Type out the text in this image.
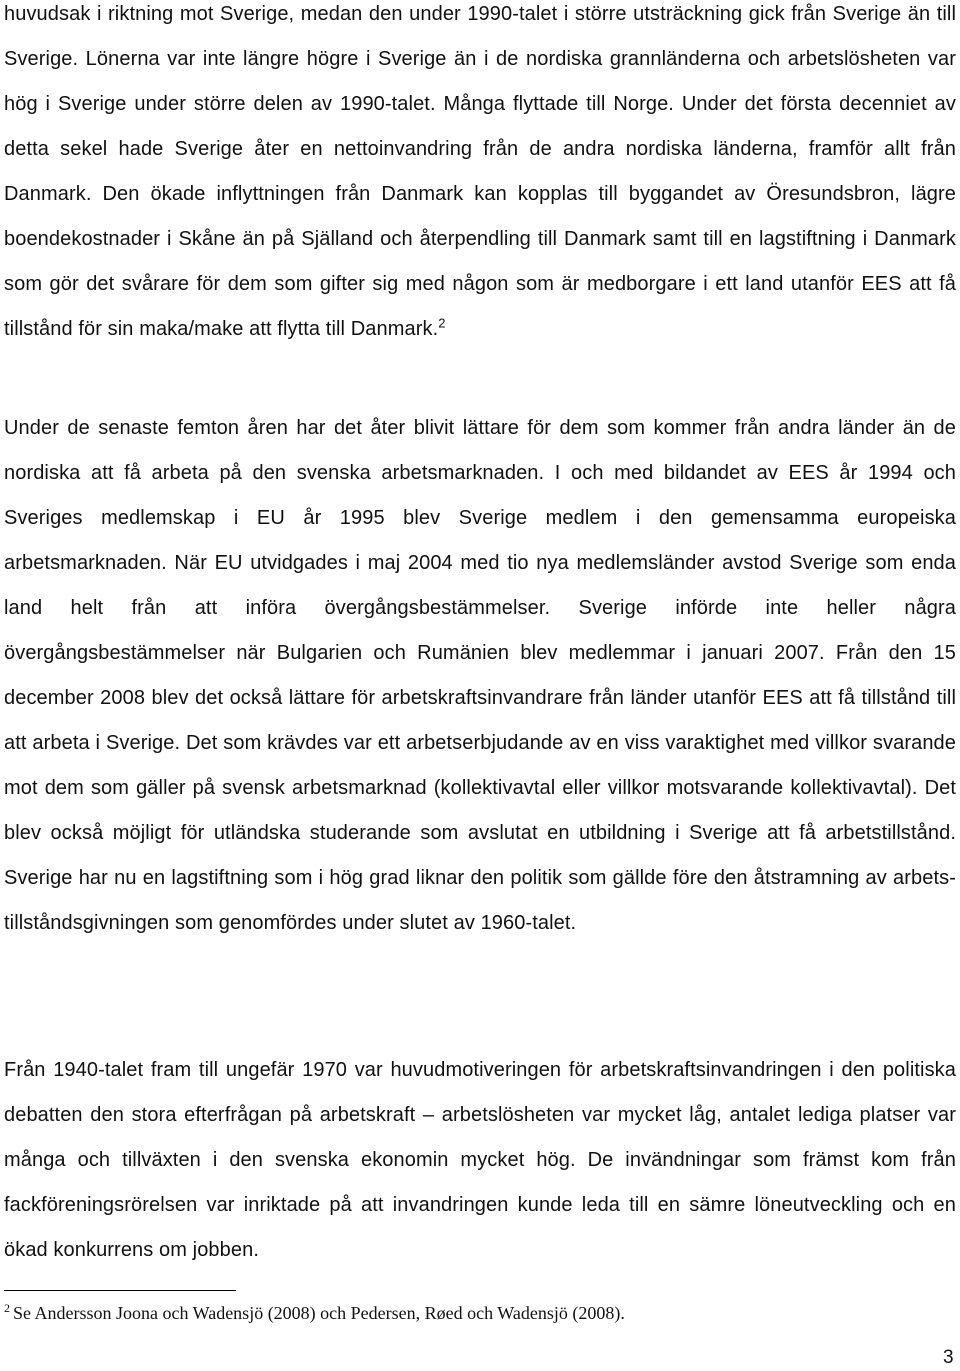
huvudsak i riktning mot Sverige, medan den under 1990-talet i större utsträckning gick från Sverige än till Sverige. Lönerna var inte längre högre i Sverige än i de nordiska grannländerna och arbetslösheten var hög i Sverige under större delen av 1990-talet. Många flyttade till Norge. Under det första decenniet av detta sekel hade Sverige åter en nettoinvandring från de andra nordiska länderna, framför allt från Danmark. Den ökade inflyttningen från Danmark kan kopplas till byggandet av Öresundsbron, lägre boendekostnader i Skåne än på Själland och återpendling till Danmark samt till en lagstiftning i Danmark som gör det svårare för dem som gifter sig med någon som är medborgare i ett land utanför EES att få tillstånd för sin maka/make att flytta till Danmark.$^2$

Under de senaste femton åren har det åter blivit lättare för dem som kommer från andra länder än de nordiska att få arbeta på den svenska arbetsmarknaden. I och med bildandet av EES år 1994 och Sveriges medlemskap i EU år 1995 blev Sverige medlem i den gemensamma europeiska arbetsmarknaden. När EU utvidgades i maj 2004 med tio nya medlemsländer avstod Sverige som enda land helt från att införa övergångsbestämmelser. Sverige införde inte heller några övergångsbestämmelser när Bulgarien och Rumänien blev medlemmar i januari 2007. Från den 15 december 2008 blev det också lättare för arbetskraftsinvandrare från länder utanför EES att få tillstånd till att arbeta i Sverige. Det som krävdes var ett arbetserbjudande av en viss varaktighet med villkor svarande mot dem som gäller på svensk arbetsmarknad (kollektivavtal eller villkor motsvarande kollektivavtal). Det blev också möjligt för utländska studerande som avslutat en utbildning i Sverige att få arbetstillstånd. Sverige har nu en lagstiftning som i hög grad liknar den politik som gällde före den åtstramning av arbets-tillståndsgivningen som genomfördes under slutet av 1960-talet.

Från 1940-talet fram till ungefär 1970 var huvudmotiveringen för arbetskraftsinvandringen i den politiska debatten den stora efterfrågan på arbetskraft – arbetslösheten var mycket låg, antalet lediga platser var många och tillväxten i den svenska ekonomin mycket hög. De invändningar som främst kom från fackföreningsrörelsen var inriktade på att invandringen kunde leda till en sämre löneutveckling och en ökad konkurrens om jobben.

$^2$ Se Andersson Joona och Wadensjö (2008) och Pedersen, Røed och Wadensjö (2008).

3
